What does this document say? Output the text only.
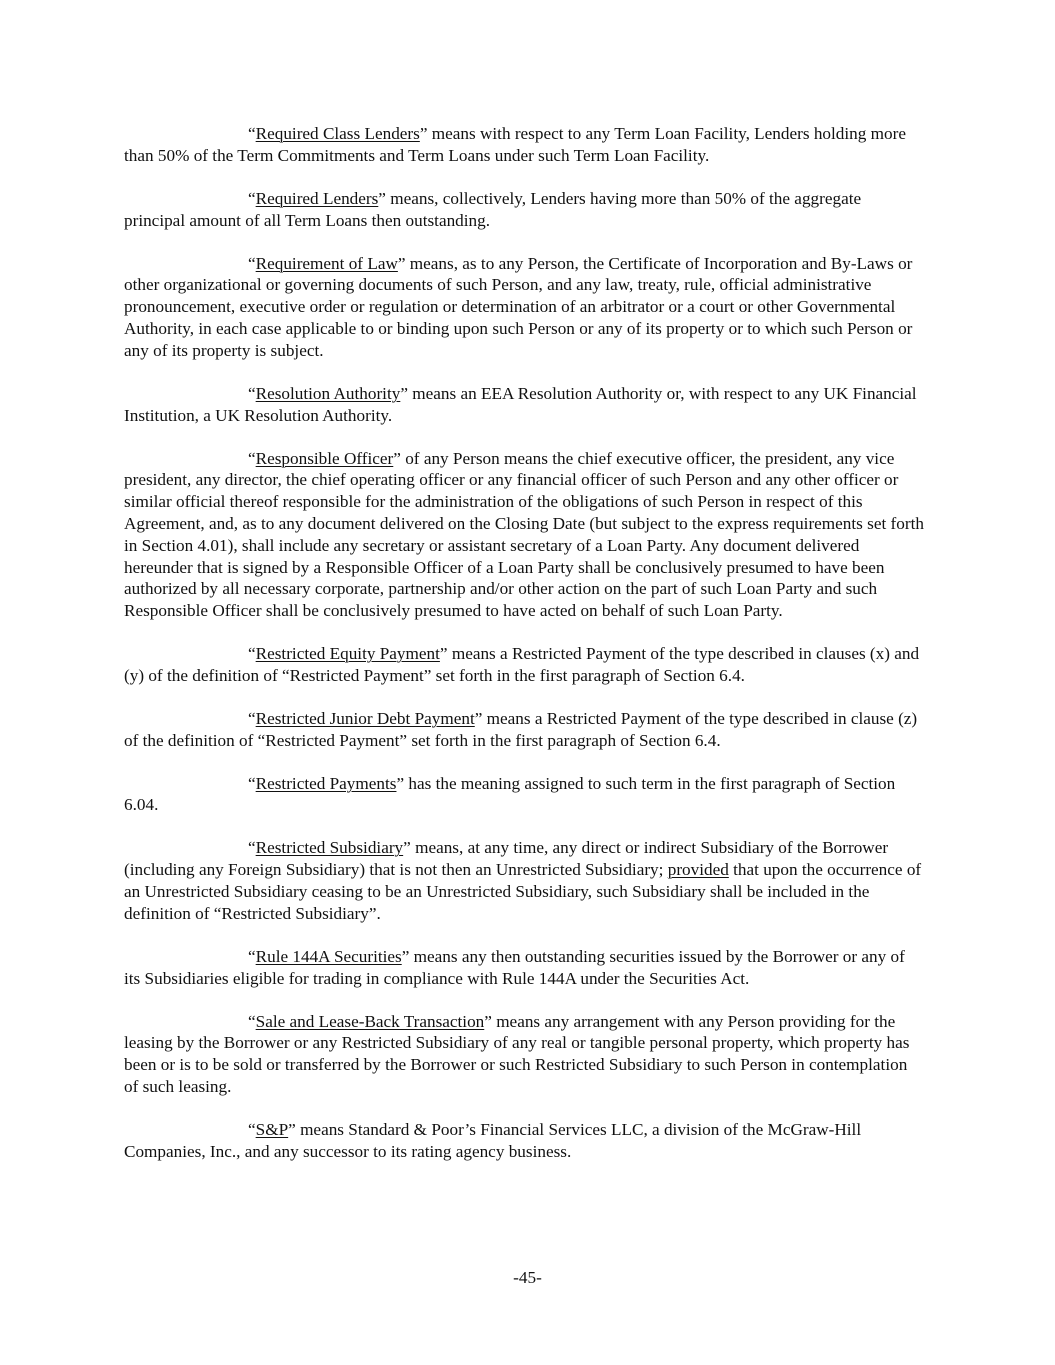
“Required Class Lenders” means with respect to any Term Loan Facility, Lenders holding more than 50% of the Term Commitments and Term Loans under such Term Loan Facility.

“Required Lenders” means, collectively, Lenders having more than 50% of the aggregate principal amount of all Term Loans then outstanding.

“Requirement of Law” means, as to any Person, the Certificate of Incorporation and By-Laws or other organizational or governing documents of such Person, and any law, treaty, rule, official administrative pronouncement, executive order or regulation or determination of an arbitrator or a court or other Governmental Authority, in each case applicable to or binding upon such Person or any of its property or to which such Person or any of its property is subject.

“Resolution Authority” means an EEA Resolution Authority or, with respect to any UK Financial Institution, a UK Resolution Authority.

“Responsible Officer” of any Person means the chief executive officer, the president, any vice president, any director, the chief operating officer or any financial officer of such Person and any other officer or similar official thereof responsible for the administration of the obligations of such Person in respect of this Agreement, and, as to any document delivered on the Closing Date (but subject to the express requirements set forth in Section 4.01), shall include any secretary or assistant secretary of a Loan Party. Any document delivered hereunder that is signed by a Responsible Officer of a Loan Party shall be conclusively presumed to have been authorized by all necessary corporate, partnership and/or other action on the part of such Loan Party and such Responsible Officer shall be conclusively presumed to have acted on behalf of such Loan Party.

“Restricted Equity Payment” means a Restricted Payment of the type described in clauses (x) and (y) of the definition of “Restricted Payment” set forth in the first paragraph of Section 6.4.

“Restricted Junior Debt Payment” means a Restricted Payment of the type described in clause (z) of the definition of “Restricted Payment” set forth in the first paragraph of Section 6.4.

“Restricted Payments” has the meaning assigned to such term in the first paragraph of Section 6.04.

“Restricted Subsidiary” means, at any time, any direct or indirect Subsidiary of the Borrower (including any Foreign Subsidiary) that is not then an Unrestricted Subsidiary; provided that upon the occurrence of an Unrestricted Subsidiary ceasing to be an Unrestricted Subsidiary, such Subsidiary shall be included in the definition of “Restricted Subsidiary”.

“Rule 144A Securities” means any then outstanding securities issued by the Borrower or any of its Subsidiaries eligible for trading in compliance with Rule 144A under the Securities Act.

“Sale and Lease-Back Transaction” means any arrangement with any Person providing for the leasing by the Borrower or any Restricted Subsidiary of any real or tangible personal property, which property has been or is to be sold or transferred by the Borrower or such Restricted Subsidiary to such Person in contemplation of such leasing.

“S&P” means Standard & Poor’s Financial Services LLC, a division of the McGraw-Hill Companies, Inc., and any successor to its rating agency business.

-45-
